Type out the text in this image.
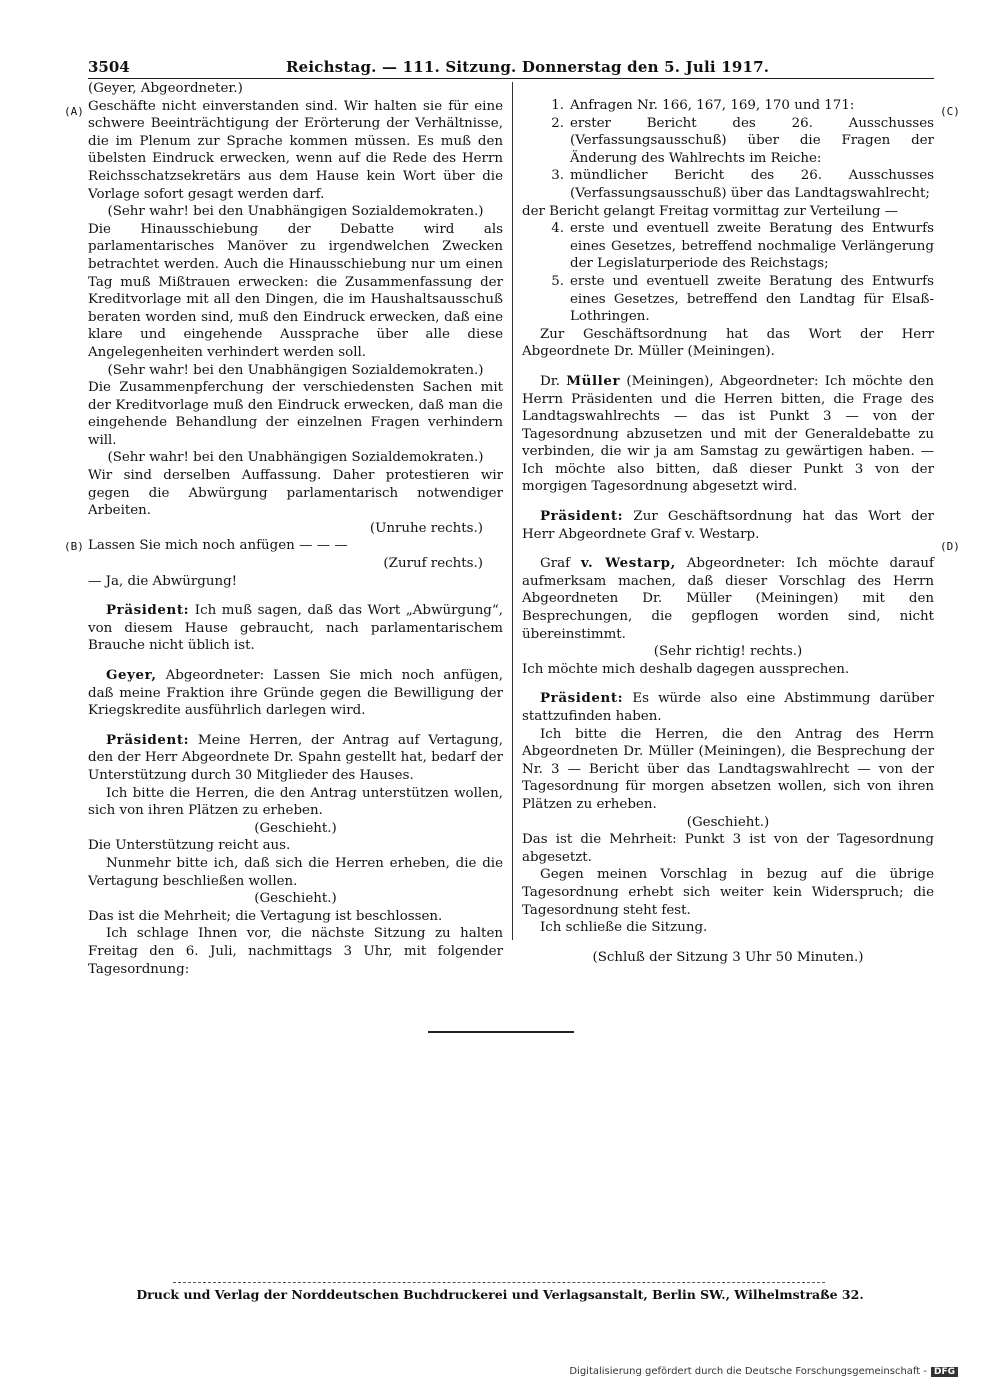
3504	Reichstag. — 111. Sitzung. Donnerstag den 5. Juli 1917.
(A)
(B)
(C)
(D)

(Geyer, Abgeordneter.)

Geschäfte nicht einverstanden sind. Wir halten sie für eine schwere Beeinträchtigung der Erörterung der Verhältnisse, die im Plenum zur Sprache kommen müssen. Es muß den übelsten Eindruck erwecken, wenn auf die Rede des Herrn Reichsschatzsekretärs aus dem Hause kein Wort über die Vorlage sofort gesagt werden darf.

(Sehr wahr! bei den Unabhängigen Sozialdemokraten.)

Die Hinausschiebung der Debatte wird als parlamentarisches Manöver zu irgendwelchen Zwecken betrachtet werden. Auch die Hinausschiebung nur um einen Tag muß Mißtrauen erwecken: die Zusammenfassung der Kreditvorlage mit all den Dingen, die im Haushaltsausschuß beraten worden sind, muß den Eindruck erwecken, daß eine klare und eingehende Aussprache über alle diese Angelegenheiten verhindert werden soll.

(Sehr wahr! bei den Unabhängigen Sozialdemokraten.)

Die Zusammenpferchung der verschiedensten Sachen mit der Kreditvorlage muß den Eindruck erwecken, daß man die eingehende Behandlung der einzelnen Fragen verhindern will.

(Sehr wahr! bei den Unabhängigen Sozialdemokraten.)

Wir sind derselben Auffassung. Daher protestieren wir gegen die Abwürgung parlamentarisch notwendiger Arbeiten.

(Unruhe rechts.)

Lassen Sie mich noch anfügen — — —

(Zuruf rechts.)

— Ja, die Abwürgung!

Präsident: Ich muß sagen, daß das Wort „Abwürgung“, von diesem Hause gebraucht, nach parlamentarischem Brauche nicht üblich ist.

Geyer, Abgeordneter: Lassen Sie mich noch anfügen, daß meine Fraktion ihre Gründe gegen die Bewilligung der Kriegskredite ausführlich darlegen wird.

Präsident: Meine Herren, der Antrag auf Vertagung, den der Herr Abgeordnete Dr. Spahn gestellt hat, bedarf der Unterstützung durch 30 Mitglieder des Hauses.

Ich bitte die Herren, die den Antrag unterstützen wollen, sich von ihren Plätzen zu erheben.

(Geschieht.)

Die Unterstützung reicht aus.

Nunmehr bitte ich, daß sich die Herren erheben, die die Vertagung beschließen wollen.

(Geschieht.)

Das ist die Mehrheit; die Vertagung ist beschlossen.

Ich schlage Ihnen vor, die nächste Sitzung zu halten Freitag den 6. Juli, nachmittags 3 Uhr, mit folgender Tagesordnung:

1. Anfragen Nr. 166, 167, 169, 170 und 171:
2. erster Bericht des 26. Ausschusses (Verfassungsausschuß) über die Fragen der Änderung des Wahlrechts im Reiche:
3. mündlicher Bericht des 26. Ausschusses (Verfassungsausschuß) über das Landtagswahlrecht;

der Bericht gelangt Freitag vormittag zur Verteilung —

4. erste und eventuell zweite Beratung des Entwurfs eines Gesetzes, betreffend nochmalige Verlängerung der Legislaturperiode des Reichstags;
5. erste und eventuell zweite Beratung des Entwurfs eines Gesetzes, betreffend den Landtag für Elsaß-Lothringen.

Zur Geschäftsordnung hat das Wort der Herr Abgeordnete Dr. Müller (Meiningen).

Dr. Müller (Meiningen), Abgeordneter: Ich möchte den Herrn Präsidenten und die Herren bitten, die Frage des Landtagswahlrechts — das ist Punkt 3 — von der Tagesordnung abzusetzen und mit der Generaldebatte zu verbinden, die wir ja am Samstag zu gewärtigen haben. — Ich möchte also bitten, daß dieser Punkt 3 von der morgigen Tagesordnung abgesetzt wird.

Präsident: Zur Geschäftsordnung hat das Wort der Herr Abgeordnete Graf v. Westarp.

Graf v. Westarp, Abgeordneter: Ich möchte darauf aufmerksam machen, daß dieser Vorschlag des Herrn Abgeordneten Dr. Müller (Meiningen) mit den Besprechungen, die gepflogen worden sind, nicht übereinstimmt.

(Sehr richtig! rechts.)

Ich möchte mich deshalb dagegen aussprechen.

Präsident: Es würde also eine Abstimmung darüber stattzufinden haben.

Ich bitte die Herren, die den Antrag des Herrn Abgeordneten Dr. Müller (Meiningen), die Besprechung der Nr. 3 — Bericht über das Landtagswahlrecht — von der Tagesordnung für morgen absetzen wollen, sich von ihren Plätzen zu erheben.

(Geschieht.)

Das ist die Mehrheit: Punkt 3 ist von der Tagesordnung abgesetzt.

Gegen meinen Vorschlag in bezug auf die übrige Tagesordnung erhebt sich weiter kein Widerspruch; die Tagesordnung steht fest.

Ich schließe die Sitzung.

(Schluß der Sitzung 3 Uhr 50 Minuten.)

Druck und Verlag der Norddeutschen Buchdruckerei und Verlagsanstalt, Berlin SW., Wilhelmstraße 32.
Digitalisierung gefördert durch die Deutsche Forschungsgemeinschaft - DFG
